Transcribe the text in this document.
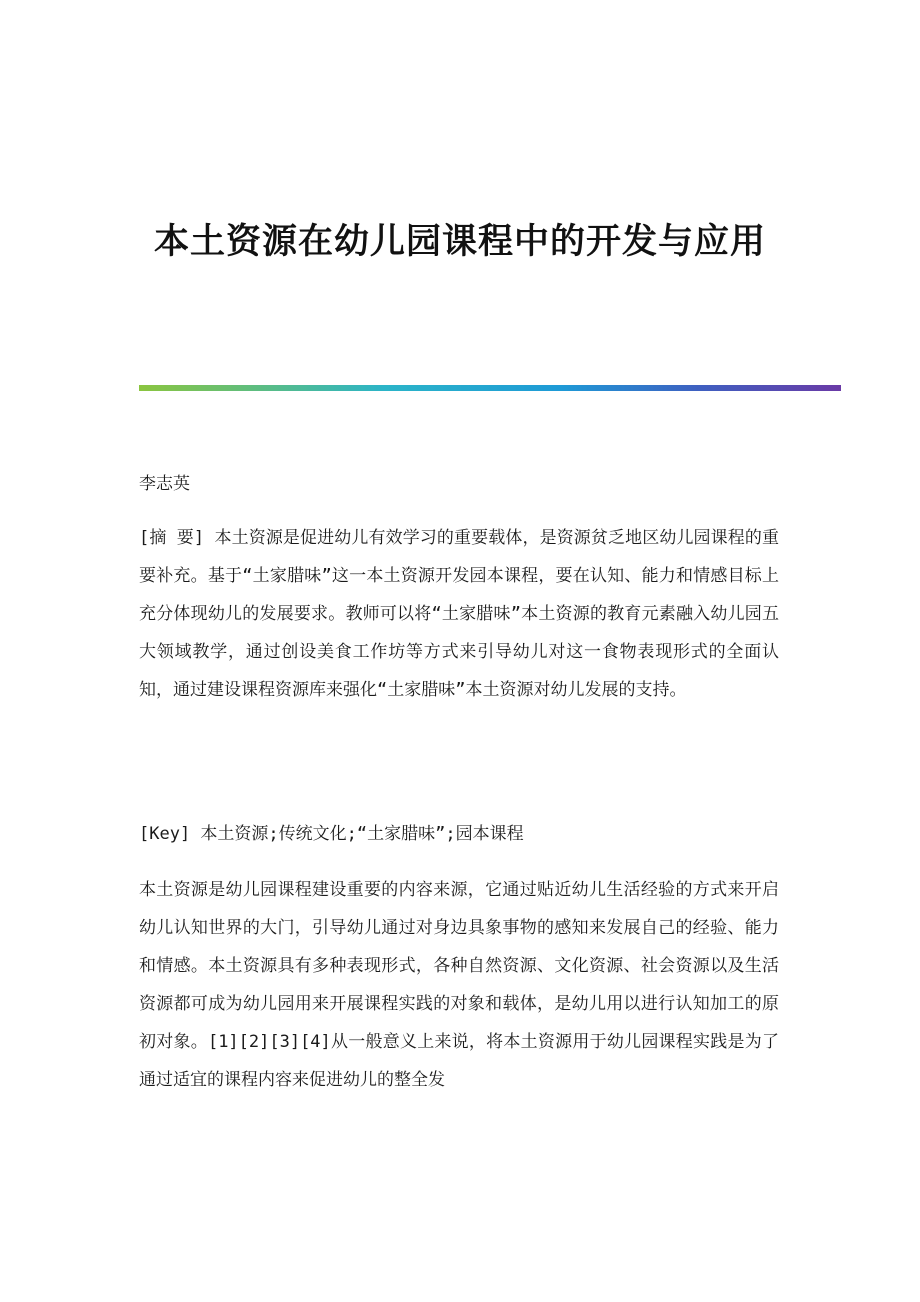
本土资源在幼儿园课程中的开发与应用
李志英

[摘 要] 本土资源是促进幼儿有效学习的重要载体，是资源贫乏地区幼儿园课程的重要补充。基于“土家腊味”这一本土资源开发园本课程，要在认知、能力和情感目标上充分体现幼儿的发展要求。教师可以将“土家腊味”本土资源的教育元素融入幼儿园五大领域教学，通过创设美食工作坊等方式来引导幼儿对这一食物表现形式的全面认知，通过建设课程资源库来强化“土家腊味”本土资源对幼儿发展的支持。

[Key] 本土资源;传统文化;“土家腊味”;园本课程

本土资源是幼儿园课程建设重要的内容来源，它通过贴近幼儿生活经验的方式来开启幼儿认知世界的大门，引导幼儿通过对身边具象事物的感知来发展自己的经验、能力和情感。本土资源具有多种表现形式，各种自然资源、文化资源、社会资源以及生活资源都可成为幼儿园用来开展课程实践的对象和载体，是幼儿用以进行认知加工的原初对象。[1][2][3][4]从一般意义上来说，将本土资源用于幼儿园课程实践是为了通过适宜的课程内容来促进幼儿的整全发
